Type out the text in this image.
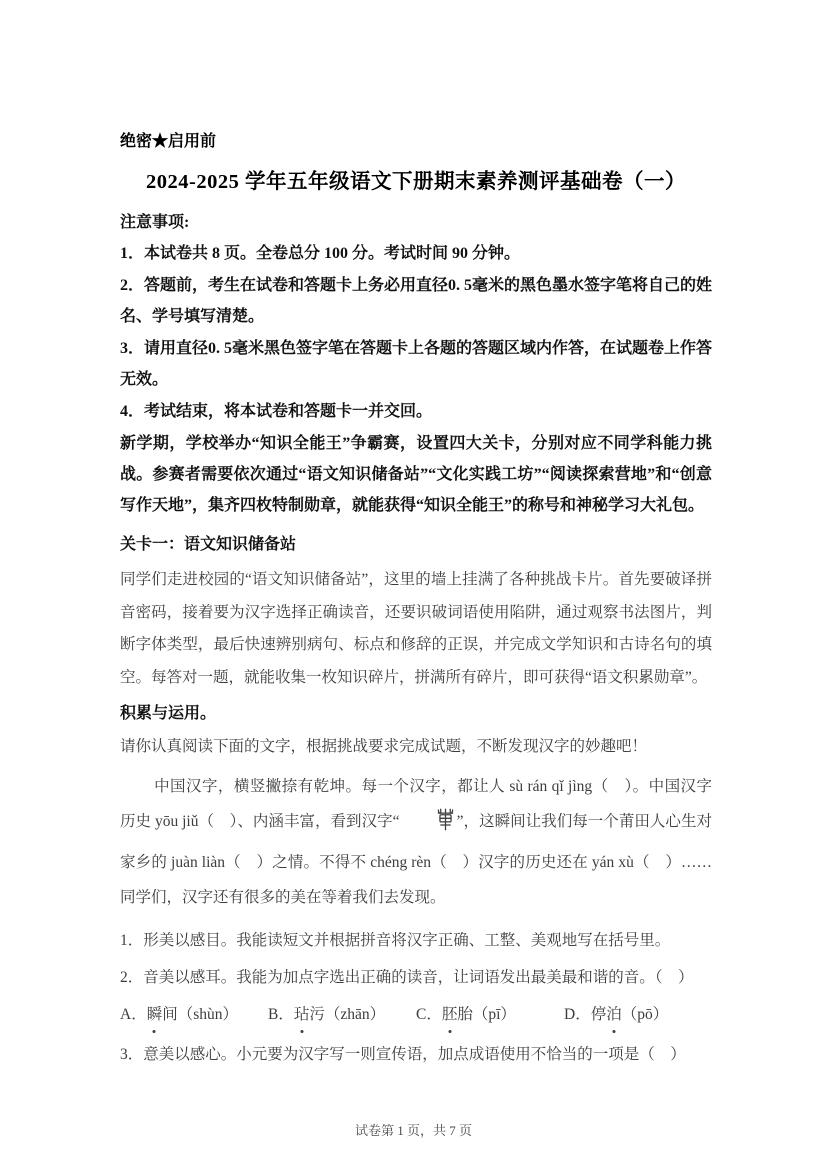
绝密★启用前
2024-2025 学年五年级语文下册期末素养测评基础卷（一）
注意事项:

1．本试卷共 8 页。全卷总分 100 分。考试时间 90 分钟。

2．答题前，考生在试卷和答题卡上务必用直径0. 5毫米的黑色墨水签字笔将自己的姓名、学号填写清楚。

3．请用直径0. 5毫米黑色签字笔在答题卡上各题的答题区域内作答，在试题卷上作答无效。

4．考试结束，将本试卷和答题卡一并交回。

新学期，学校举办“知识全能王”争霸赛，设置四大关卡，分别对应不同学科能力挑战。参赛者需要依次通过“语文知识储备站”“文化实践工坊”“阅读探索营地”和“创意写作天地”，集齐四枚特制勋章，就能获得“知识全能王”的称号和神秘学习大礼包。

关卡一：语文知识储备站

同学们走进校园的“语文知识储备站”，这里的墙上挂满了各种挑战卡片。首先要破译拼音密码，接着要为汉字选择正确读音，还要识破词语使用陷阱，通过观察书法图片，判断字体类型，最后快速辨别病句、标点和修辞的正误，并完成文学知识和古诗名句的填空。每答对一题，就能收集一枚知识碎片，拼满所有碎片，即可获得“语文积累勋章”。

积累与运用。

请你认真阅读下面的文字，根据挑战要求完成试题，不断发现汉字的妙趣吧！

中国汉字，横竖撇捺有乾坤。每一个汉字，都让人 sù rán qǐ jìng（　）。中国汉字历史 yōu jiǔ（　）、内涵丰富，看到汉字“	”，这瞬间让我们每一个莆田人心生对家乡的 juàn liàn（　）之情。不得不 chéng rèn（　）汉字的历史还在 yán xù（　）……同学们，汉字还有很多的美在等着我们去发现。

1．形美以感目。我能读短文并根据拼音将汉字正确、工整、美观地写在括号里。

2．音美以感耳。我能为加点字选出正确的读音，让词语发出最美最和谐的音。（　）

A．瞬间（shùn）	B．玷污（zhān）	C．胚胎（pī）	D．停泊（pō）

3．意美以感心。小元要为汉字写一则宣传语，加点成语使用不恰当的一项是（　）

试卷第 1 页，共 7 页
